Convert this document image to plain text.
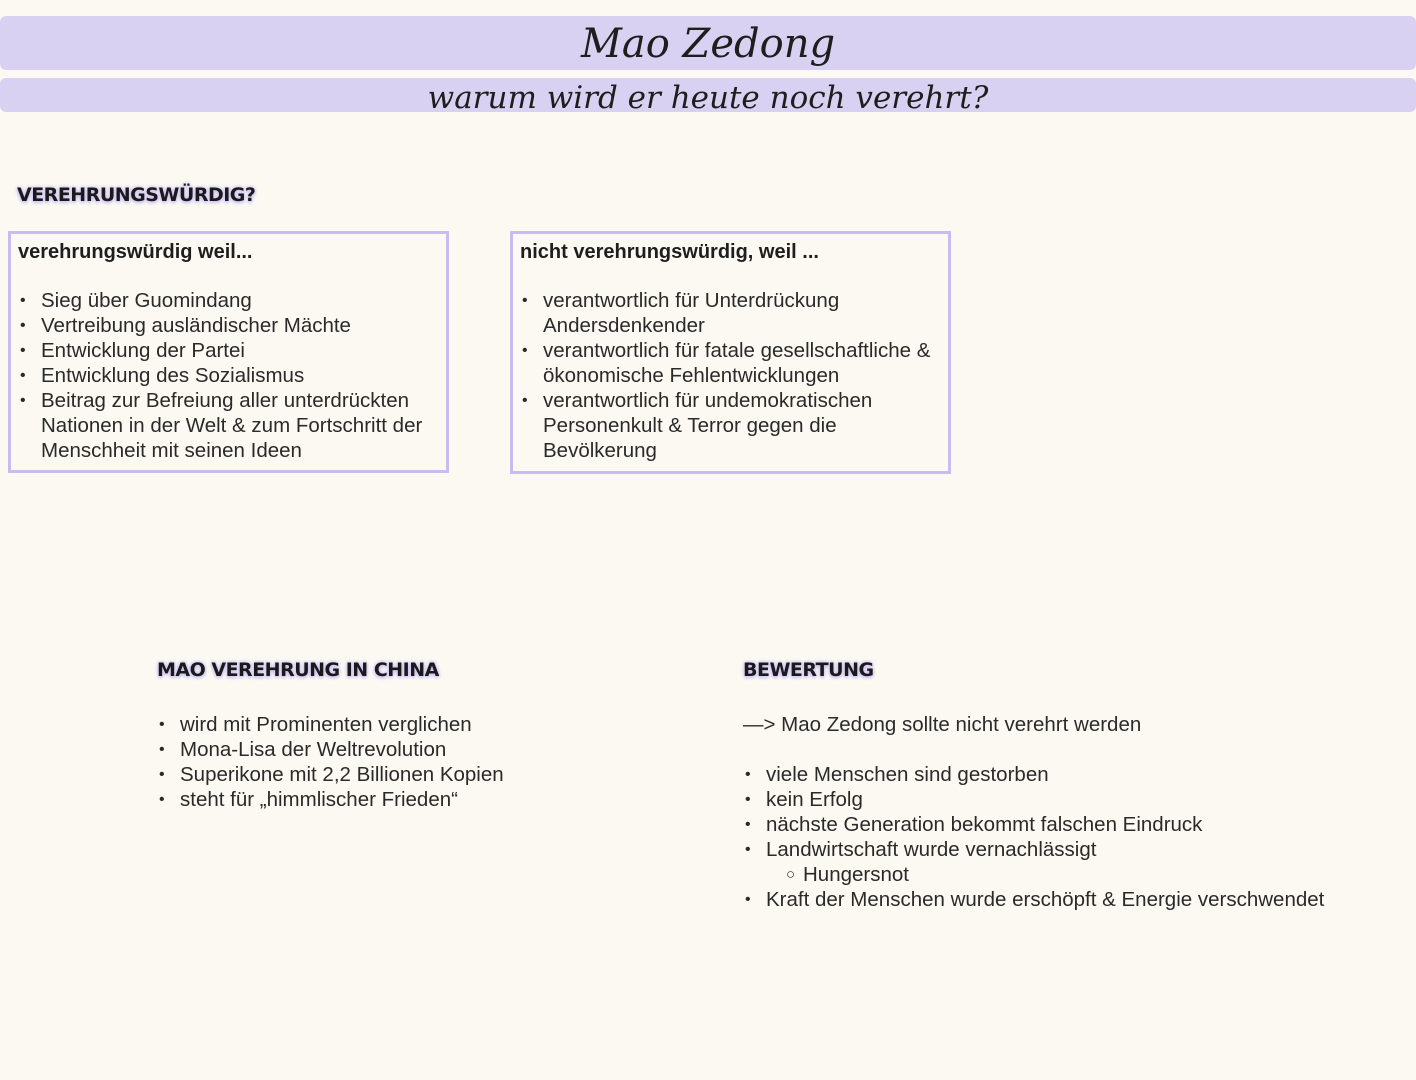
Mao Zedong
warum wird er heute noch verehrt?
VEREHRUNGSWÜRDIG?
verehrungswürdig weil...
• Sieg über Guomindang
• Vertreibung ausländischer Mächte
• Entwicklung der Partei
• Entwicklung des Sozialismus
• Beitrag zur Befreiung aller unterdrückten Nationen in der Welt & zum Fortschritt der Menschheit mit seinen Ideen
nicht verehrungswürdig, weil ...
• verantwortlich für Unterdrückung Andersdenkender
• verantwortlich für fatale gesellschaftliche & ökonomische Fehlentwicklungen
• verantwortlich für undemokratischen Personenkult & Terror gegen die Bevölkerung
MAO VEREHRUNG IN CHINA
• wird mit Prominenten verglichen
• Mona-Lisa der Weltrevolution
• Superikone mit 2,2 Billionen Kopien
• steht für „himmlischer Frieden“
BEWERTUNG
—> Mao Zedong sollte nicht verehrt werden
• viele Menschen sind gestorben
• kein Erfolg
• nächste Generation bekommt falschen Eindruck
• Landwirtschaft wurde vernachlässigt
○ Hungersnot
• Kraft der Menschen wurde erschöpft & Energie verschwendet
